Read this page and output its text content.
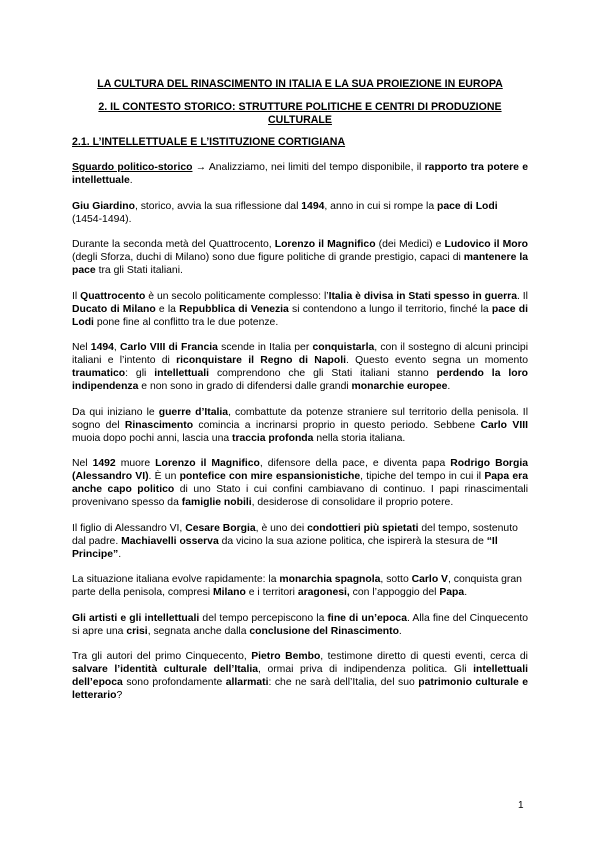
LA CULTURA DEL RINASCIMENTO IN ITALIA E LA SUA PROIEZIONE IN EUROPA
2. IL CONTESTO STORICO: STRUTTURE POLITICHE E CENTRI DI PRODUZIONE CULTURALE
2.1. L’INTELLETTUALE E L’ISTITUZIONE CORTIGIANA

Sguardo politico-storico → Analizziamo, nei limiti del tempo disponibile, il rapporto tra potere e intellettuale.

Giu Giardino, storico, avvia la sua riflessione dal 1494, anno in cui si rompe la pace di Lodi (1454-1494).

Durante la seconda metà del Quattrocento, Lorenzo il Magnifico (dei Medici) e Ludovico il Moro (degli Sforza, duchi di Milano) sono due figure politiche di grande prestigio, capaci di mantenere la pace tra gli Stati italiani.

Il Quattrocento è un secolo politicamente complesso: l’Italia è divisa in Stati spesso in guerra. Il Ducato di Milano e la Repubblica di Venezia si contendono a lungo il territorio, finché la pace di Lodi pone fine al conflitto tra le due potenze.

Nel 1494, Carlo VIII di Francia scende in Italia per conquistarla, con il sostegno di alcuni principi italiani e l’intento di riconquistare il Regno di Napoli. Questo evento segna un momento traumatico: gli intellettuali comprendono che gli Stati italiani stanno perdendo la loro indipendenza e non sono in grado di difendersi dalle grandi monarchie europee.

Da qui iniziano le guerre d’Italia, combattute da potenze straniere sul territorio della penisola. Il sogno del Rinascimento comincia a incrinarsi proprio in questo periodo. Sebbene Carlo VIII muoia dopo pochi anni, lascia una traccia profonda nella storia italiana.

Nel 1492 muore Lorenzo il Magnifico, difensore della pace, e diventa papa Rodrigo Borgia (Alessandro VI). È un pontefice con mire espansionistiche, tipiche del tempo in cui il Papa era anche capo politico di uno Stato i cui confini cambiavano di continuo. I papi rinascimentali provenivano spesso da famiglie nobili, desiderose di consolidare il proprio potere.

Il figlio di Alessandro VI, Cesare Borgia, è uno dei condottieri più spietati del tempo, sostenuto dal padre. Machiavelli osserva da vicino la sua azione politica, che ispirerà la stesura de “Il Principe”.

La situazione italiana evolve rapidamente: la monarchia spagnola, sotto Carlo V, conquista gran parte della penisola, compresi Milano e i territori aragonesi, con l’appoggio del Papa.

Gli artisti e gli intellettuali del tempo percepiscono la fine di un’epoca. Alla fine del Cinquecento si apre una crisi, segnata anche dalla conclusione del Rinascimento.

Tra gli autori del primo Cinquecento, Pietro Bembo, testimone diretto di questi eventi, cerca di salvare l’identità culturale dell’Italia, ormai priva di indipendenza politica. Gli intellettuali dell’epoca sono profondamente allarmati: che ne sarà dell’Italia, del suo patrimonio culturale e letterario?

1
